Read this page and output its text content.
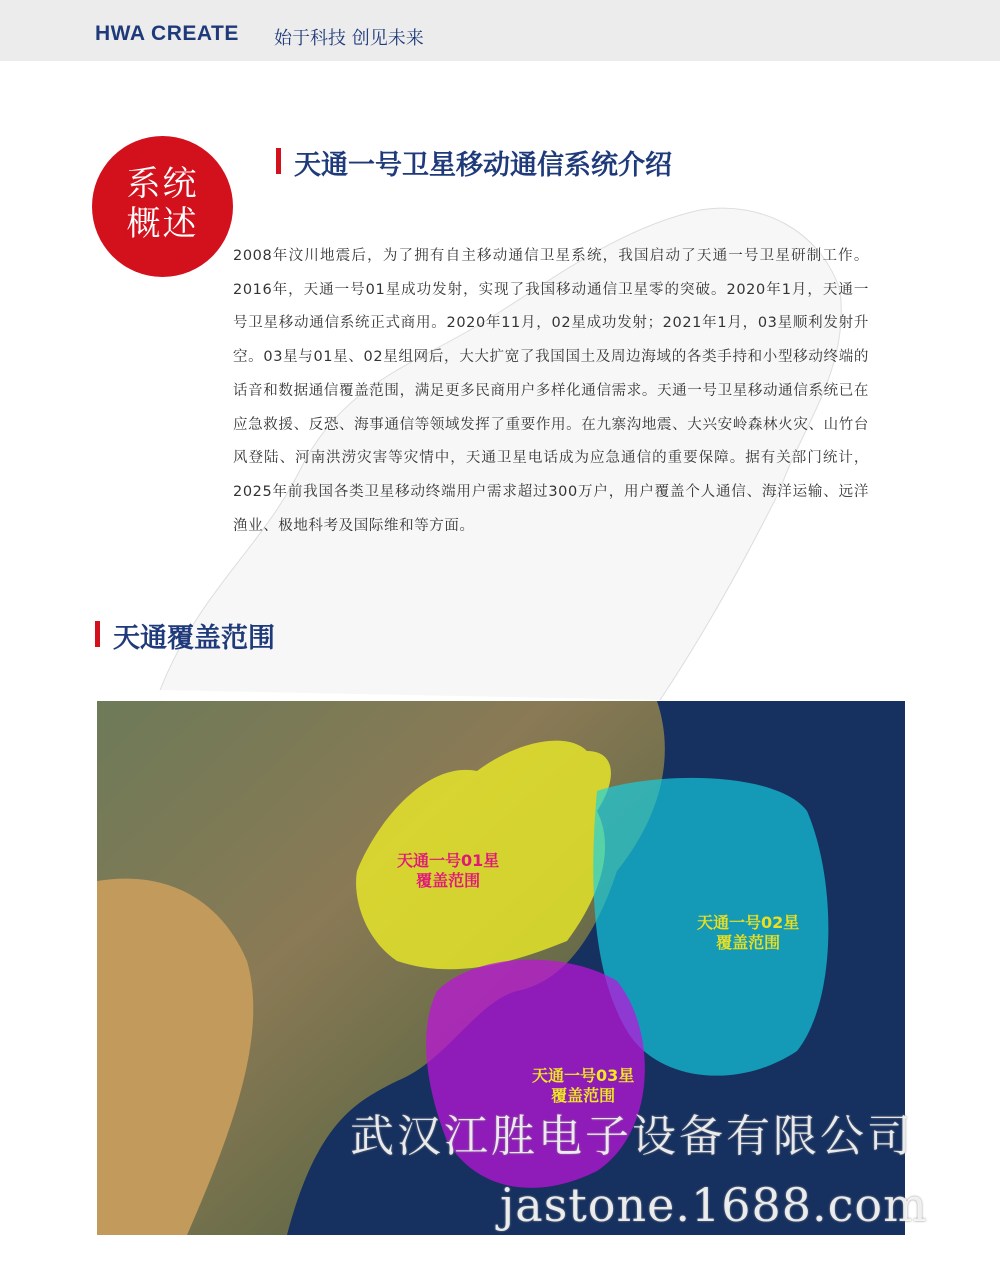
HWA CREATE 始于科技 创见未来
系统
概述
天通一号卫星移动通信系统介绍
2008年汶川地震后，为了拥有自主移动通信卫星系统，我国启动了天通一号卫星研制工作。2016年，天通一号01星成功发射，实现了我国移动通信卫星零的突破。2020年1月，天通一号卫星移动通信系统正式商用。2020年11月，02星成功发射；2021年1月，03星顺利发射升空。03星与01星、02星组网后，大大扩宽了我国国土及周边海域的各类手持和小型移动终端的话音和数据通信覆盖范围，满足更多民商用户多样化通信需求。天通一号卫星移动通信系统已在应急救援、反恐、海事通信等领域发挥了重要作用。在九寨沟地震、大兴安岭森林火灾、山竹台风登陆、河南洪涝灾害等灾情中，天通卫星电话成为应急通信的重要保障。据有关部门统计，2025年前我国各类卫星移动终端用户需求超过300万户，用户覆盖个人通信、海洋运输、远洋渔业、极地科考及国际维和等方面。
天通覆盖范围
天通一号01星
覆盖范围
天通一号02星
覆盖范围
天通一号03星
覆盖范围
武汉江胜电子设备有限公司
jastone.1688.com
